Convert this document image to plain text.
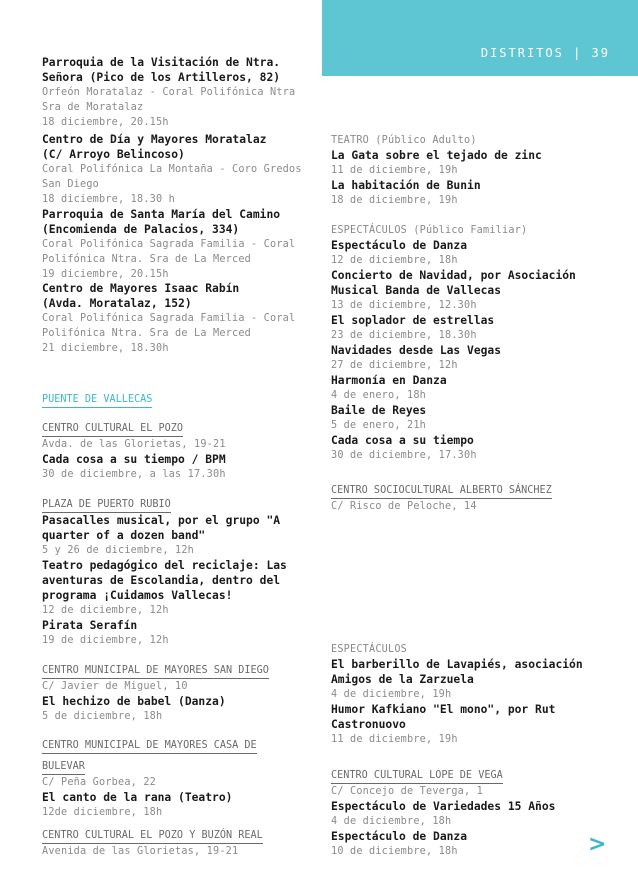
DISTRITOS | 39
Parroquia de la Visitación de Ntra.
Señora (Pico de los Artilleros, 82)
Orfeón Moratalaz - Coral Polifónica Ntra
Sra de Moratalaz
18 diciembre, 20.15h
Centro de Día y Mayores Moratalaz
(C/ Arroyo Belincoso)
Coral Polifónica La Montaña - Coro Gredos
San Diego
18 diciembre, 18.30 h
Parroquia de Santa María del Camino
(Encomienda de Palacios, 334)
Coral Polifónica Sagrada Familia - Coral
Polifónica Ntra. Sra de La Merced
19 diciembre, 20.15h
Centro de Mayores Isaac Rabín
(Avda. Moratalaz, 152)
Coral Polifónica Sagrada Familia - Coral
Polifónica Ntra. Sra de La Merced
21 diciembre, 18.30h
PUENTE DE VALLECAS
CENTRO CULTURAL EL POZO
Avda. de las Glorietas, 19-21
Cada cosa a su tiempo / BPM
30 de diciembre, a las 17.30h
PLAZA DE PUERTO RUBIO
Pasacalles musical, por el grupo "A
quarter of a dozen band"
5 y 26 de diciembre, 12h
Teatro pedagógico del reciclaje: Las
aventuras de Escolandia, dentro del
programa ¡Cuidamos Vallecas!
12 de diciembre, 12h
Pirata Serafín
19 de diciembre, 12h
CENTRO MUNICIPAL DE MAYORES SAN DIEGO
C/ Javier de Miguel, 10
El hechizo de babel (Danza)
5 de diciembre, 18h
CENTRO MUNICIPAL DE MAYORES CASA DE
BULEVAR
C/ Peña Gorbea, 22
El canto de la rana (Teatro)
12de diciembre, 18h
CENTRO CULTURAL EL POZO Y BUZÓN REAL
Avenida de las Glorietas, 19-21
TEATRO (Público Adulto)
La Gata sobre el tejado de zinc
11 de diciembre, 19h
La habitación de Bunin
18 de diciembre, 19h
ESPECTÁCULOS (Público Familiar)
Espectáculo de Danza
12 de diciembre, 18h
Concierto de Navidad, por Asociación
Musical Banda de Vallecas
13 de diciembre, 12.30h
El soplador de estrellas
23 de diciembre, 18.30h
Navidades desde Las Vegas
27 de diciembre, 12h
Harmonía en Danza
4 de enero, 18h
Baile de Reyes
5 de enero, 21h
Cada cosa a su tiempo
30 de diciembre, 17.30h
CENTRO SOCIOCULTURAL ALBERTO SÁNCHEZ
C/ Risco de Peloche, 14
ESPECTÁCULOS
El barberillo de Lavapiés, asociación
Amigos de la Zarzuela
4 de diciembre, 19h
Humor Kafkiano "El mono", por Rut
Castronuovo
11 de diciembre, 19h
CENTRO CULTURAL LOPE DE VEGA
C/ Concejo de Teverga, 1
Espectáculo de Variedades 15 Años
4 de diciembre, 18h
Espectáculo de Danza
10 de diciembre, 18h	>
